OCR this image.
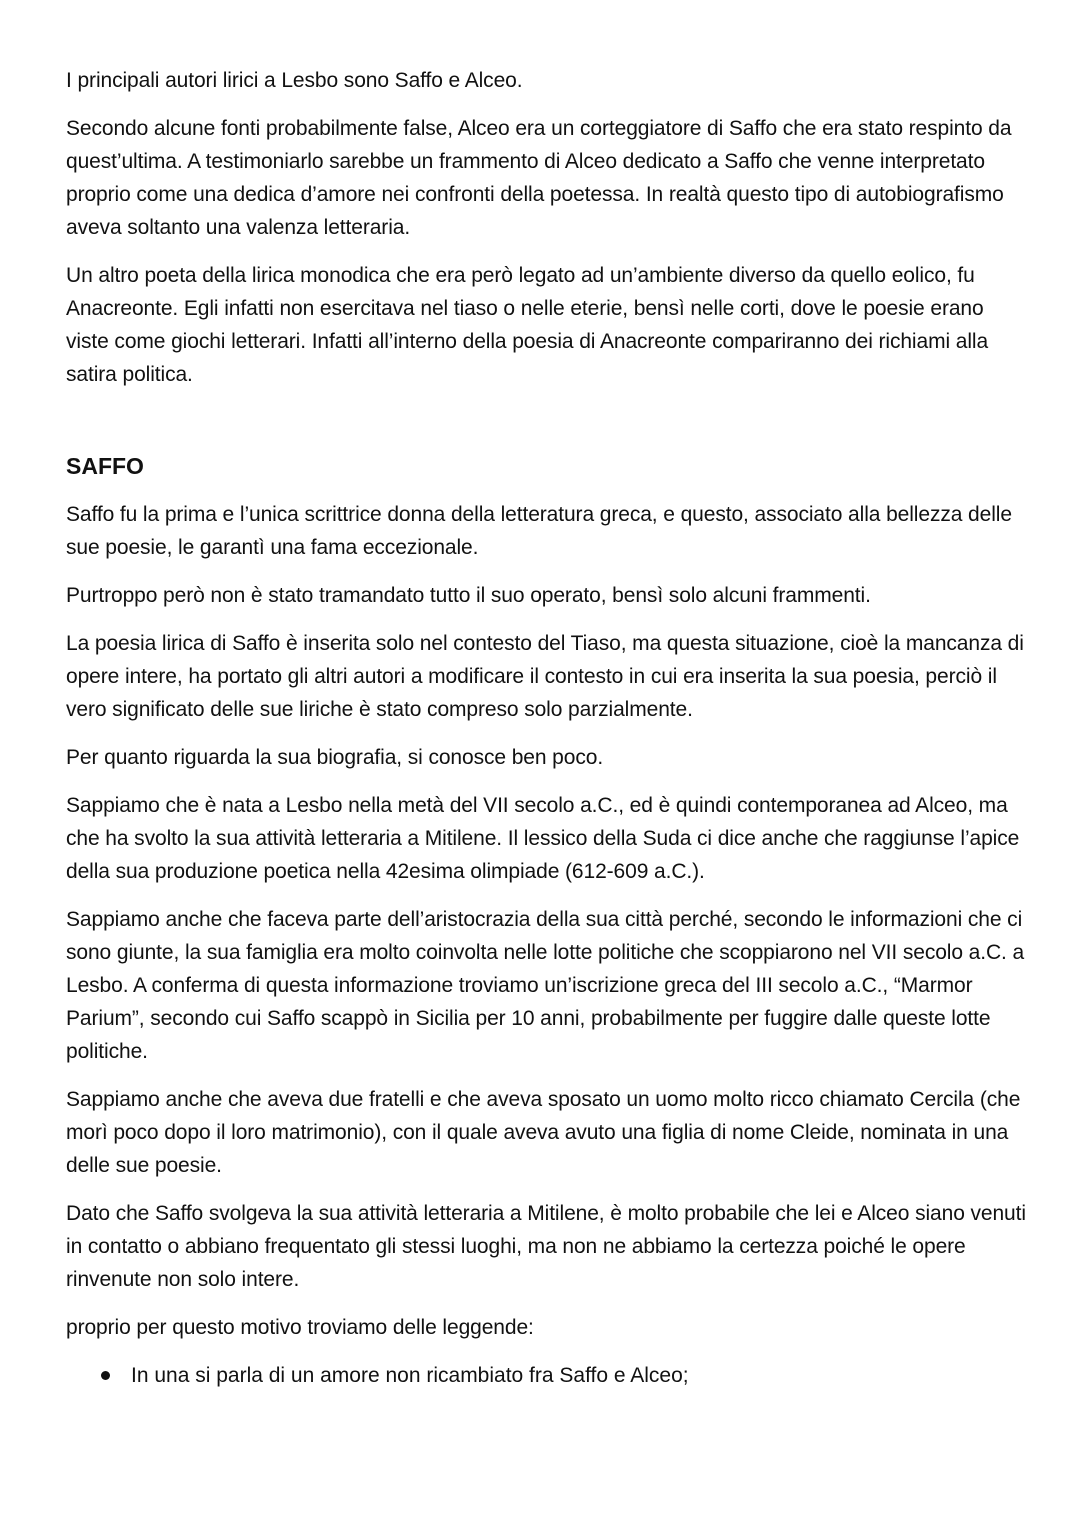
I principali autori lirici a Lesbo sono Saffo e Alceo.

Secondo alcune fonti probabilmente false, Alceo era un corteggiatore di Saffo che era stato respinto da quest’ultima. A testimoniarlo sarebbe un frammento di Alceo dedicato a Saffo che venne interpretato proprio come una dedica d’amore nei confronti della poetessa. In realtà questo tipo di autobiografismo aveva soltanto una valenza letteraria.

Un altro poeta della lirica monodica che era però legato ad un’ambiente diverso da quello eolico, fu Anacreonte. Egli infatti non esercitava nel tiaso o nelle eterie, bensì nelle corti, dove le poesie erano viste come giochi letterari. Infatti all’interno della poesia di Anacreonte compariranno dei richiami alla satira politica.

SAFFO

Saffo fu la prima e l’unica scrittrice donna della letteratura greca, e questo, associato alla bellezza delle sue poesie, le garantì una fama eccezionale.

Purtroppo però non è stato tramandato tutto il suo operato, bensì solo alcuni frammenti.

La poesia lirica di Saffo è inserita solo nel contesto del Tiaso, ma questa situazione, cioè la mancanza di opere intere, ha portato gli altri autori a modificare il contesto in cui era inserita la sua poesia, perciò il vero significato delle sue liriche è stato compreso solo parzialmente.

Per quanto riguarda la sua biografia, si conosce ben poco.

Sappiamo che è nata a Lesbo nella metà del VII secolo a.C., ed è quindi contemporanea ad Alceo, ma che ha svolto la sua attività letteraria a Mitilene. Il lessico della Suda ci dice anche che raggiunse l’apice della sua produzione poetica nella 42esima olimpiade (612-609 a.C.).

Sappiamo anche che faceva parte dell’aristocrazia della sua città perché, secondo le informazioni che ci sono giunte, la sua famiglia era molto coinvolta nelle lotte politiche che scoppiarono nel VII secolo a.C. a Lesbo. A conferma di questa informazione troviamo un’iscrizione greca del III secolo a.C., “Marmor Parium”, secondo cui Saffo scappò in Sicilia per 10 anni, probabilmente per fuggire dalle queste lotte politiche.

Sappiamo anche che aveva due fratelli e che aveva sposato un uomo molto ricco chiamato Cercila (che morì poco dopo il loro matrimonio), con il quale aveva avuto una figlia di nome Cleide, nominata in una delle sue poesie.

Dato che Saffo svolgeva la sua attività letteraria a Mitilene, è molto probabile che lei e Alceo siano venuti in contatto o abbiano frequentato gli stessi luoghi, ma non ne abbiamo la certezza poiché le opere rinvenute non solo intere.

proprio per questo motivo troviamo delle leggende:

In una si parla di un amore non ricambiato fra Saffo e Alceo;
